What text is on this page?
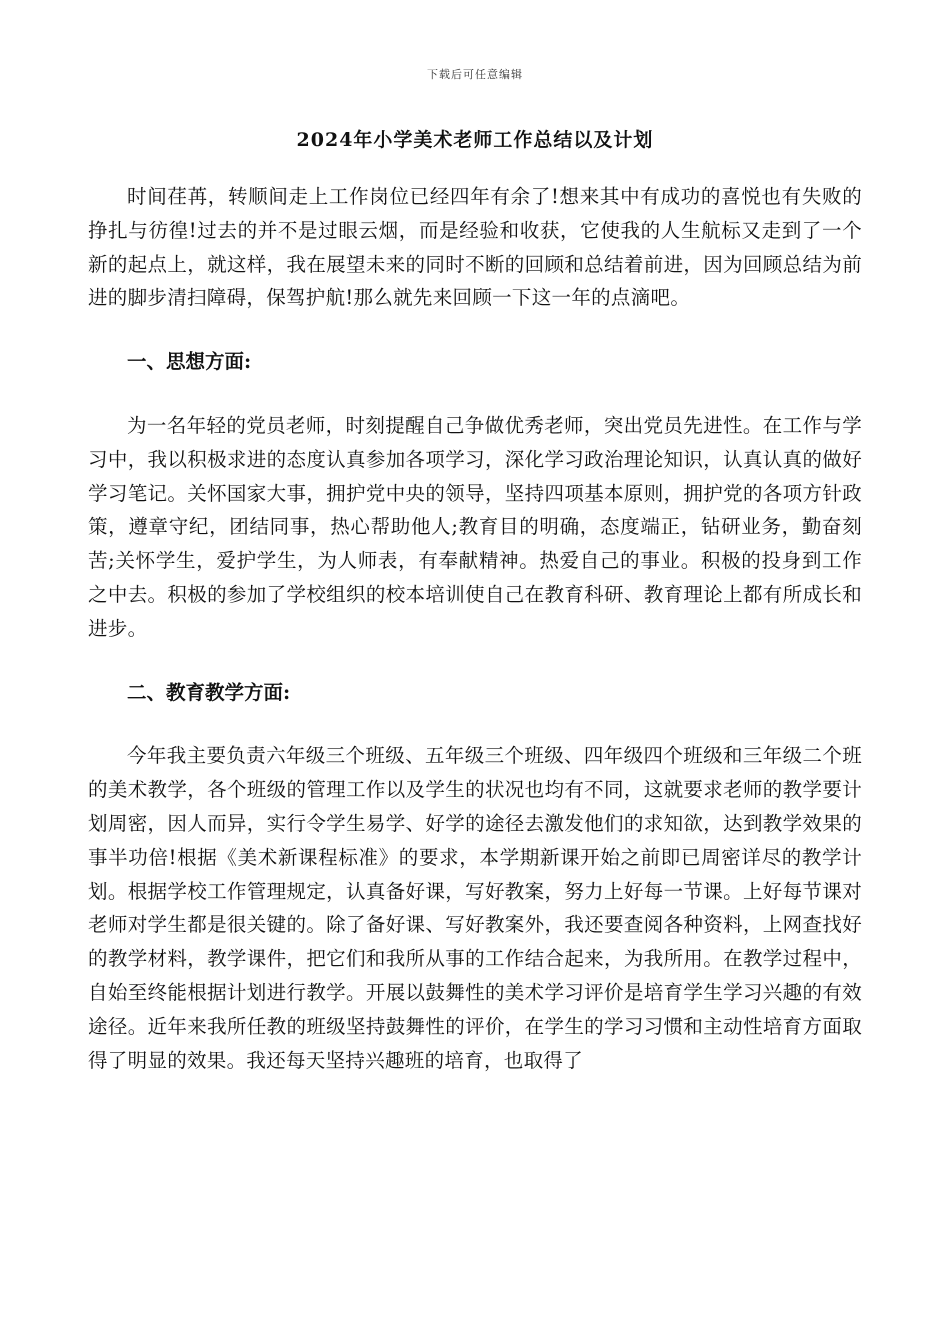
下载后可任意编辑
2024年小学美术老师工作总结以及计划

时间荏苒，转顺间走上工作岗位已经四年有余了!想来其中有成功的喜悦也有失败的挣扎与彷徨!过去的并不是过眼云烟，而是经验和收获，它使我的人生航标又走到了一个新的起点上，就这样，我在展望未来的同时不断的回顾和总结着前进，因为回顾总结为前进的脚步清扫障碍，保驾护航!那么就先来回顾一下这一年的点滴吧。

一、思想方面:

为一名年轻的党员老师，时刻提醒自己争做优秀老师，突出党员先进性。在工作与学习中，我以积极求进的态度认真参加各项学习，深化学习政治理论知识，认真认真的做好学习笔记。关怀国家大事，拥护党中央的领导，坚持四项基本原则，拥护党的各项方针政策，遵章守纪，团结同事，热心帮助他人;教育目的明确，态度端正，钻研业务，勤奋刻苦;关怀学生，爱护学生，为人师表，有奉献精神。热爱自己的事业。积极的投身到工作之中去。积极的参加了学校组织的校本培训使自己在教育科研、教育理论上都有所成长和进步。

二、教育教学方面:

今年我主要负责六年级三个班级、五年级三个班级、四年级四个班级和三年级二个班的美术教学，各个班级的管理工作以及学生的状况也均有不同，这就要求老师的教学要计划周密，因人而异，实行令学生易学、好学的途径去激发他们的求知欲，达到教学效果的事半功倍!根据《美术新课程标准》的要求，本学期新课开始之前即已周密详尽的教学计划。根据学校工作管理规定，认真备好课，写好教案，努力上好每一节课。上好每节课对老师对学生都是很关键的。除了备好课、写好教案外，我还要查阅各种资料，上网查找好的教学材料，教学课件，把它们和我所从事的工作结合起来，为我所用。在教学过程中，自始至终能根据计划进行教学。开展以鼓舞性的美术学习评价是培育学生学习兴趣的有效途径。近年来我所任教的班级坚持鼓舞性的评价，在学生的学习习惯和主动性培育方面取得了明显的效果。我还每天坚持兴趣班的培育，也取得了
